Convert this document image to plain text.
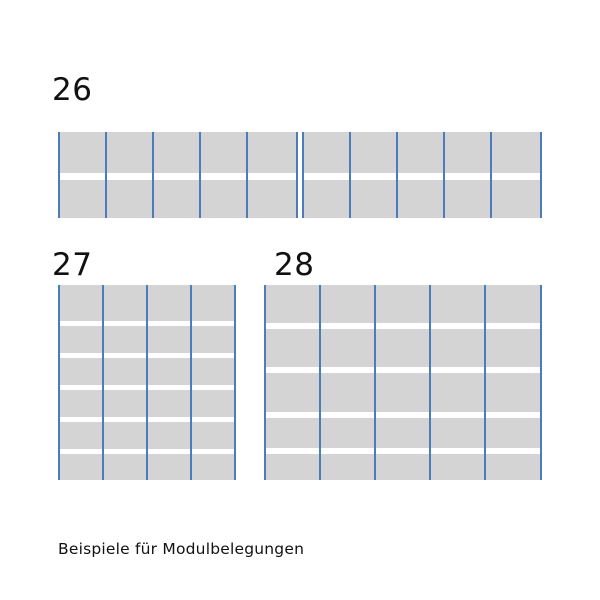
26
27	28
Beispiele für Modulbelegungen
